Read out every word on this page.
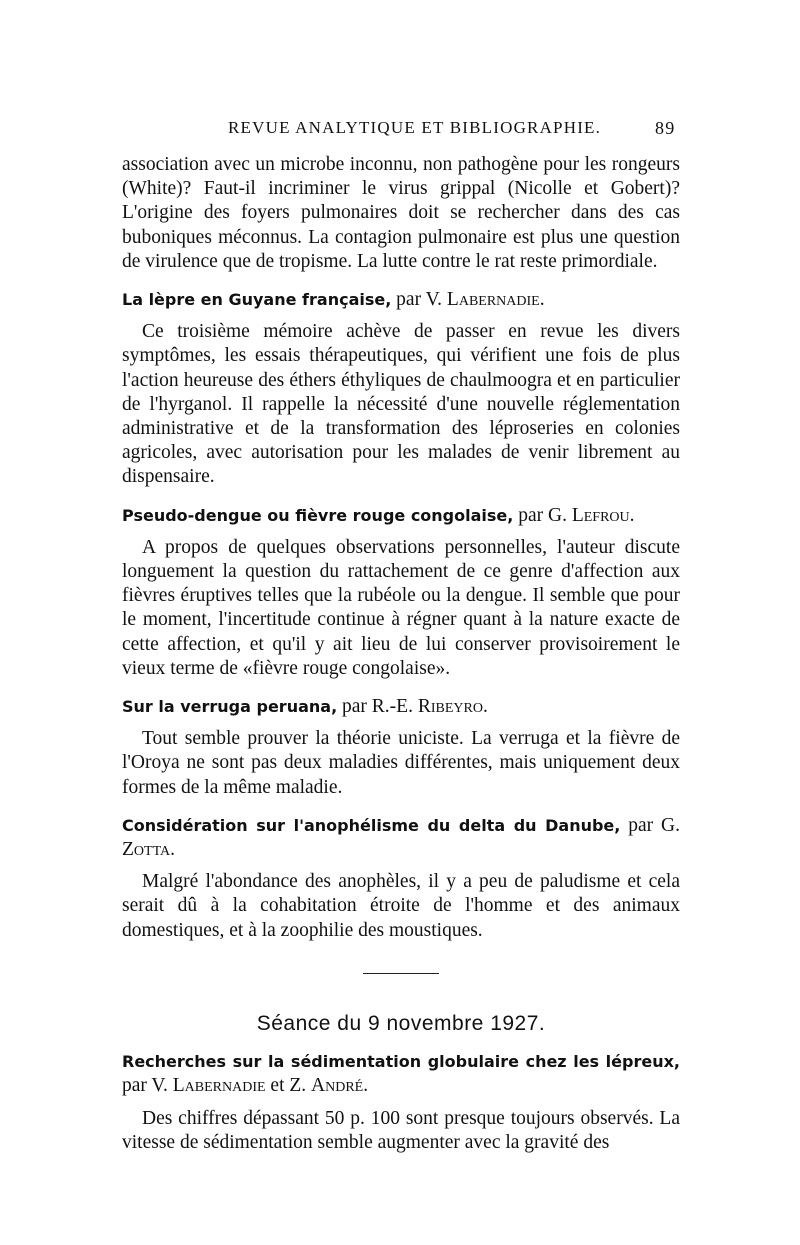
REVUE ANALYTIQUE ET BIBLIOGRAPHIE.	89

association avec un microbe inconnu, non pathogène pour les rongeurs (White)? Faut-il incriminer le virus grippal (Nicolle et Gobert)? L'origine des foyers pulmonaires doit se rechercher dans des cas buboniques méconnus. La contagion pulmonaire est plus une question de virulence que de tropisme. La lutte contre le rat reste primordiale.

La lèpre en Guyane française, par V. Labernadie.

Ce troisième mémoire achève de passer en revue les divers symptômes, les essais thérapeutiques, qui vérifient une fois de plus l'action heureuse des éthers éthyliques de chaulmoogra et en particulier de l'hyrganol. Il rappelle la nécessité d'une nouvelle réglementation administrative et de la transformation des léproseries en colonies agricoles, avec autorisation pour les malades de venir librement au dispensaire.

Pseudo-dengue ou fièvre rouge congolaise, par G. Lefrou.

A propos de quelques observations personnelles, l'auteur discute longuement la question du rattachement de ce genre d'affection aux fièvres éruptives telles que la rubéole ou la dengue. Il semble que pour le moment, l'incertitude continue à régner quant à la nature exacte de cette affection, et qu'il y ait lieu de lui conserver provisoirement le vieux terme de «fièvre rouge congolaise».

Sur la verruga peruana, par R.-E. Ribeyro.

Tout semble prouver la théorie uniciste. La verruga et la fièvre de l'Oroya ne sont pas deux maladies différentes, mais uniquement deux formes de la même maladie.

Considération sur l'anophélisme du delta du Danube, par G. Zotta.

Malgré l'abondance des anophèles, il y a peu de paludisme et cela serait dû à la cohabitation étroite de l'homme et des animaux domestiques, et à la zoophilie des moustiques.

Séance du 9 novembre 1927.

Recherches sur la sédimentation globulaire chez les lépreux, par V. Labernadie et Z. André.

Des chiffres dépassant 50 p. 100 sont presque toujours observés. La vitesse de sédimentation semble augmenter avec la gravité des
